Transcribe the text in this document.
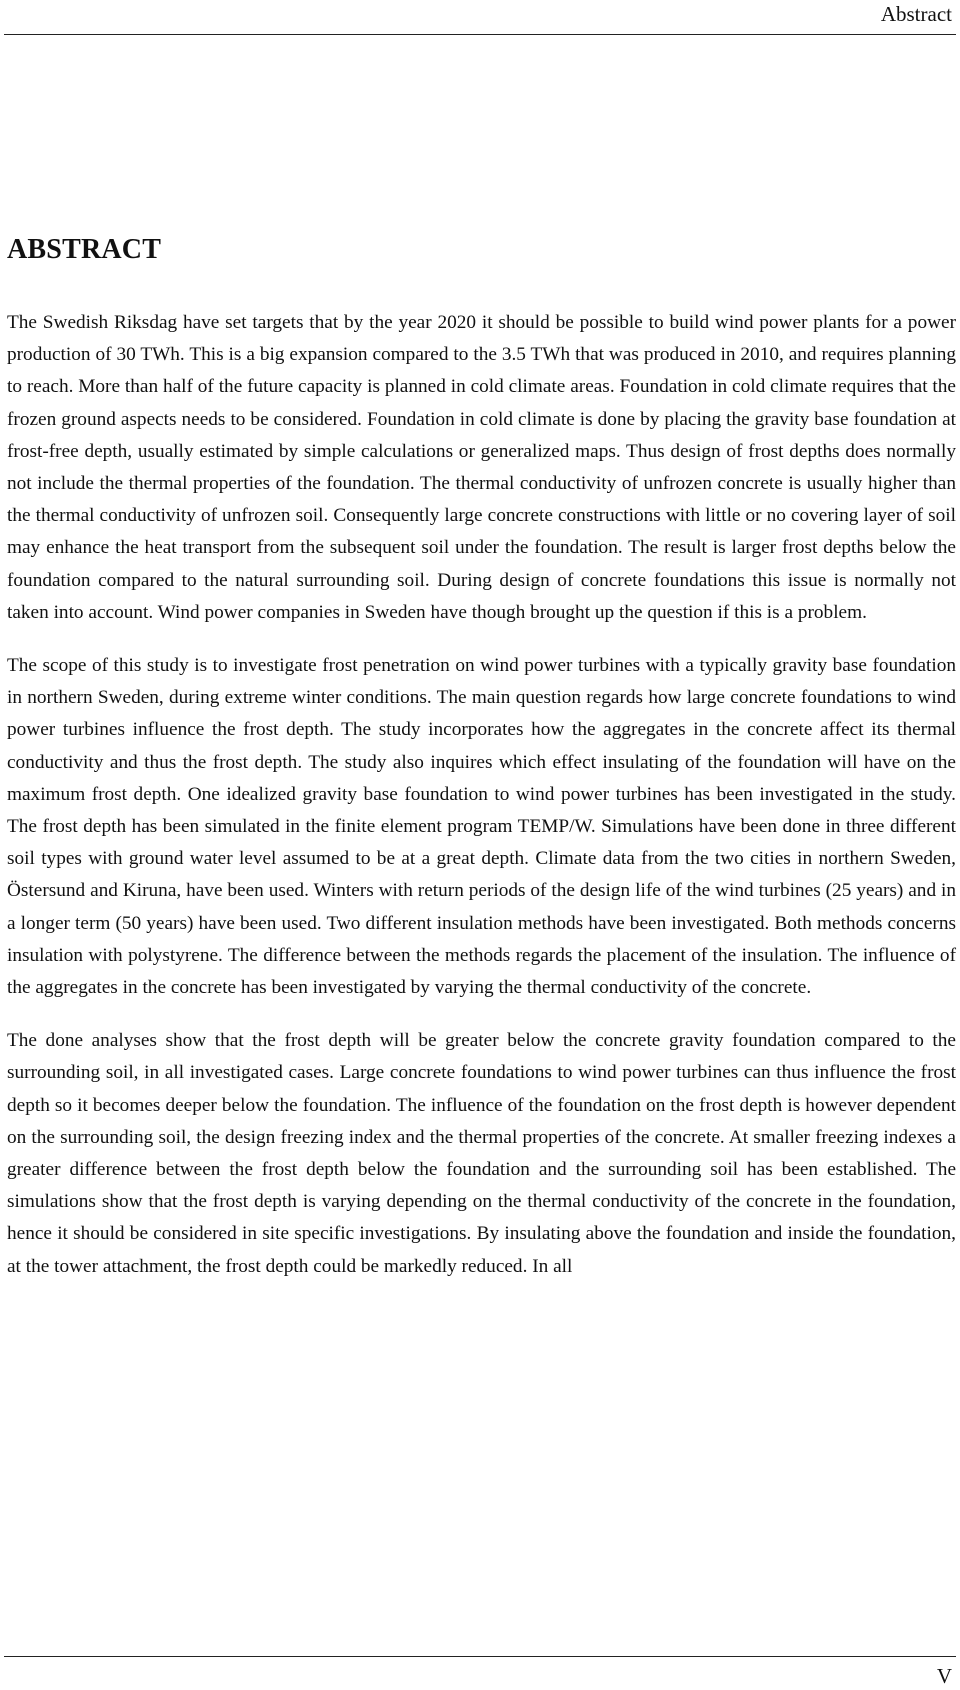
Abstract
ABSTRACT

The Swedish Riksdag have set targets that by the year 2020 it should be possible to build wind power plants for a power production of 30 TWh. This is a big expansion compared to the 3.5 TWh that was produced in 2010, and requires planning to reach. More than half of the future capacity is planned in cold climate areas. Foundation in cold climate requires that the frozen ground aspects needs to be considered. Foundation in cold climate is done by placing the gravity base foundation at frost-free depth, usually estimated by simple calculations or generalized maps. Thus design of frost depths does normally not include the thermal properties of the foundation. The thermal conductivity of unfrozen concrete is usually higher than the thermal conductivity of unfrozen soil. Consequently large concrete constructions with little or no covering layer of soil may enhance the heat transport from the subsequent soil under the foundation. The result is larger frost depths below the foundation compared to the natural surrounding soil. During design of concrete foundations this issue is normally not taken into account. Wind power companies in Sweden have though brought up the question if this is a problem.

The scope of this study is to investigate frost penetration on wind power turbines with a typically gravity base foundation in northern Sweden, during extreme winter conditions. The main question regards how large concrete foundations to wind power turbines influence the frost depth. The study incorporates how the aggregates in the concrete affect its thermal conductivity and thus the frost depth. The study also inquires which effect insulating of the foundation will have on the maximum frost depth. One idealized gravity base foundation to wind power turbines has been investigated in the study. The frost depth has been simulated in the finite element program TEMP/W. Simulations have been done in three different soil types with ground water level assumed to be at a great depth. Climate data from the two cities in northern Sweden, Östersund and Kiruna, have been used. Winters with return periods of the design life of the wind turbines (25 years) and in a longer term (50 years) have been used. Two different insulation methods have been investigated. Both methods concerns insulation with polystyrene. The difference between the methods regards the placement of the insulation. The influence of the aggregates in the concrete has been investigated by varying the thermal conductivity of the concrete.

The done analyses show that the frost depth will be greater below the concrete gravity foundation compared to the surrounding soil, in all investigated cases. Large concrete foundations to wind power turbines can thus influence the frost depth so it becomes deeper below the foundation. The influence of the foundation on the frost depth is however dependent on the surrounding soil, the design freezing index and the thermal properties of the concrete. At smaller freezing indexes a greater difference between the frost depth below the foundation and the surrounding soil has been established. The simulations show that the frost depth is varying depending on the thermal conductivity of the concrete in the foundation, hence it should be considered in site specific investigations. By insulating above the foundation and inside the foundation, at the tower attachment, the frost depth could be markedly reduced. In all

V
